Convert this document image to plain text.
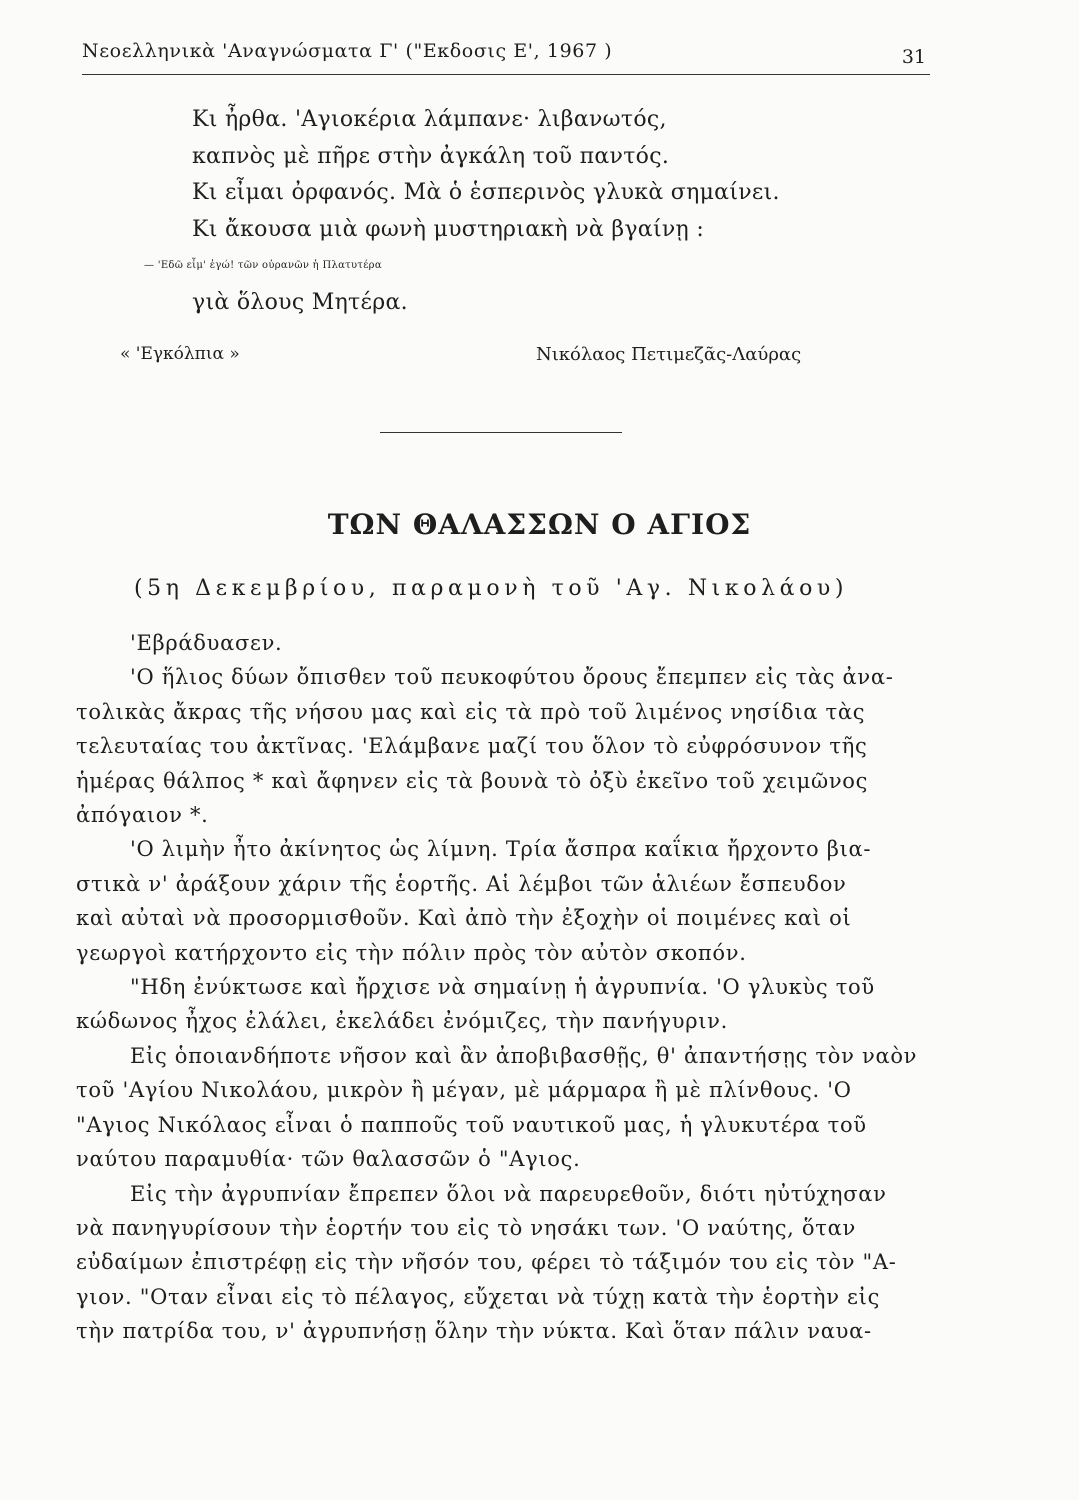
Νεοελληνικὰ 'Αναγνώσματα Γ' ("Εκδοσις Ε', 1967 )	31
Κι ἦρθα. 'Αγιοκέρια λάμπανε· λιβανωτός,
καπνὸς μὲ πῆρε στὴν ἀγκάλη τοῦ παντός.
Κι εἶμαι ὀρφανός. Μὰ ὁ ἑσπερινὸς γλυκὰ σημαίνει.
Κι ἄκουσα μιὰ φωνὴ μυστηριακὴ νὰ βγαίνῃ :
— 'Εδῶ εἶμ' ἐγώ! τῶν οὐρανῶν ἡ Πλατυτέρα
γιὰ ὅλους Μητέρα.
« 'Εγκόλπια »	Νικόλαος Πετιμεζᾶς-Λαύρας
ΤΩΝ ΘΑΛΑΣΣΩΝ Ο ΑΓΙΟΣ
(5η Δεκεμβρίου, παραμονὴ τοῦ 'Αγ. Νικολάου)
'Εβράδυασεν.
'Ο ἥλιος δύων ὄπισθεν τοῦ πευκοφύτου ὄρους ἔπεμπεν εἰς τὰς ἀνα-
τολικὰς ἄκρας τῆς νήσου μας καὶ εἰς τὰ πρὸ τοῦ λιμένος νησίδια τὰς
τελευταίας του ἀκτῖνας. 'Ελάμβανε μαζί του ὅλον τὸ εὐφρόσυνον τῆς
ἡμέρας θάλπος * καὶ ἄφηνεν εἰς τὰ βουνὰ τὸ ὀξὺ ἐκεῖνο τοῦ χειμῶνος
ἀπόγαιον *.
'Ο λιμὴν ἦτο ἀκίνητος ὡς λίμνη. Τρία ἄσπρα καΐκια ἤρχοντο βια-
στικὰ ν' ἀράξουν χάριν τῆς ἑορτῆς. Αἱ λέμβοι τῶν ἁλιέων ἔσπευδον
καὶ αὐταὶ νὰ προσορμισθοῦν. Καὶ ἀπὸ τὴν ἐξοχὴν οἱ ποιμένες καὶ οἱ
γεωργοὶ κατήρχοντο εἰς τὴν πόλιν πρὸς τὸν αὐτὸν σκοπόν.
"Ηδη ἐνύκτωσε καὶ ἤρχισε νὰ σημαίνῃ ἡ ἀγρυπνία. 'Ο γλυκὺς τοῦ
κώδωνος ἦχος ἐλάλει, ἐκελάδει ἐνόμιζες, τὴν πανήγυριν.
Εἰς ὁποιανδήποτε νῆσον καὶ ἂν ἀποβιβασθῇς, θ' ἀπαντήσῃς τὸν ναὸν
τοῦ 'Αγίου Νικολάου, μικρὸν ἢ μέγαν, μὲ μάρμαρα ἢ μὲ πλίνθους. 'Ο
"Αγιος Νικόλαος εἶναι ὁ παπποῦς τοῦ ναυτικοῦ μας, ἡ γλυκυτέρα τοῦ
ναύτου παραμυθία· τῶν θαλασσῶν ὁ "Αγιος.
Εἰς τὴν ἀγρυπνίαν ἔπρεπεν ὅλοι νὰ παρευρεθοῦν, διότι ηὐτύχησαν
νὰ πανηγυρίσουν τὴν ἑορτήν του εἰς τὸ νησάκι των. 'Ο ναύτης, ὅταν
εὐδαίμων ἐπιστρέφῃ εἰς τὴν νῆσόν του, φέρει τὸ τάξιμόν του εἰς τὸν "Α-
γιον. "Οταν εἶναι εἰς τὸ πέλαγος, εὔχεται νὰ τύχῃ κατὰ τὴν ἑορτὴν εἰς
τὴν πατρίδα του, ν' ἀγρυπνήσῃ ὅλην τὴν νύκτα. Καὶ ὅταν πάλιν ναυα-
